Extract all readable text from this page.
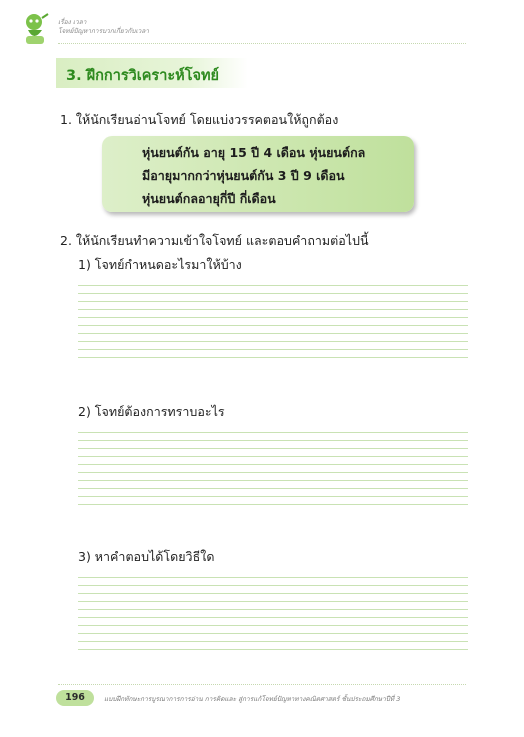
เรื่อง เวลา
โจทย์ปัญหาการบวกเกี่ยวกับเวลา
3. ฝึกการวิเคราะห์โจทย์
1. ให้นักเรียนอ่านโจทย์ โดยแบ่งวรรคตอนให้ถูกต้อง
หุ่นยนต์กัน อายุ 15 ปี 4 เดือน หุ่นยนต์กล
มีอายุมากกว่าหุ่นยนต์กัน 3 ปี 9 เดือน
หุ่นยนต์กลอายุกี่ปี กี่เดือน
2. ให้นักเรียนทำความเข้าใจโจทย์ และตอบคำถามต่อไปนี้
1) โจทย์กำหนดอะไรมาให้บ้าง
2) โจทย์ต้องการทราบอะไร
3) หาคำตอบได้โดยวิธีใด
196	แบบฝึกทักษะการบูรณาการการอ่าน การคิดและ สู่การแก้โจทย์ปัญหาทางคณิตศาสตร์ ชั้นประถมศึกษาปีที่ 3
